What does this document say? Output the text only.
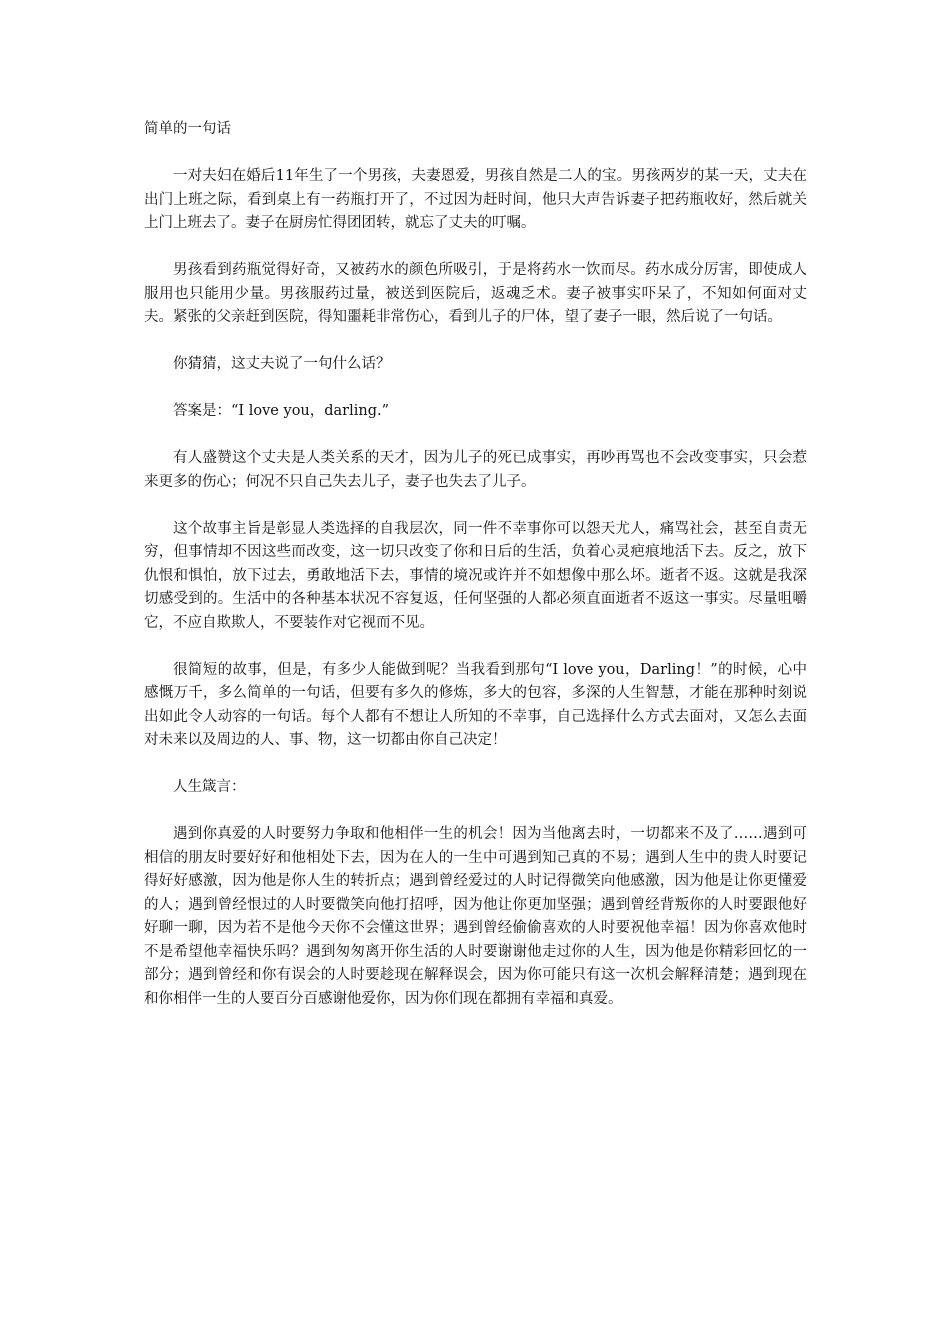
简单的一句话

一对夫妇在婚后11年生了一个男孩，夫妻恩爱，男孩自然是二人的宝。男孩两岁的某一天，丈夫在出门上班之际，看到桌上有一药瓶打开了，不过因为赶时间，他只大声告诉妻子把药瓶收好，然后就关上门上班去了。妻子在厨房忙得团团转，就忘了丈夫的叮嘱。

男孩看到药瓶觉得好奇，又被药水的颜色所吸引，于是将药水一饮而尽。药水成分厉害，即使成人服用也只能用少量。男孩服药过量，被送到医院后，返魂乏术。妻子被事实吓呆了，不知如何面对丈夫。紧张的父亲赶到医院，得知噩耗非常伤心，看到儿子的尸体，望了妻子一眼，然后说了一句话。

你猜猜，这丈夫说了一句什么话？

答案是：“I love you，darling.”

有人盛赞这个丈夫是人类关系的天才，因为儿子的死已成事实，再吵再骂也不会改变事实，只会惹来更多的伤心；何况不只自己失去儿子，妻子也失去了儿子。

这个故事主旨是彰显人类选择的自我层次，同一件不幸事你可以怨天尤人，痛骂社会，甚至自责无穷，但事情却不因这些而改变，这一切只改变了你和日后的生活，负着心灵疤痕地活下去。反之，放下仇恨和惧怕，放下过去，勇敢地活下去，事情的境况或许并不如想像中那么坏。逝者不返。这就是我深切感受到的。生活中的各种基本状况不容复返，任何坚强的人都必须直面逝者不返这一事实。尽量咀嚼它，不应自欺欺人，不要装作对它视而不见。

很简短的故事，但是，有多少人能做到呢？当我看到那句“I love you，Darling！”的时候，心中感慨万千，多么简单的一句话，但要有多久的修炼，多大的包容，多深的人生智慧，才能在那种时刻说出如此令人动容的一句话。每个人都有不想让人所知的不幸事，自己选择什么方式去面对，又怎么去面对未来以及周边的人、事、物，这一切都由你自己决定！

人生箴言：

遇到你真爱的人时要努力争取和他相伴一生的机会！因为当他离去时，一切都来不及了……遇到可相信的朋友时要好好和他相处下去，因为在人的一生中可遇到知己真的不易；遇到人生中的贵人时要记得好好感激，因为他是你人生的转折点；遇到曾经爱过的人时记得微笑向他感激，因为他是让你更懂爱的人；遇到曾经恨过的人时要微笑向他打招呼，因为他让你更加坚强；遇到曾经背叛你的人时要跟他好好聊一聊，因为若不是他今天你不会懂这世界；遇到曾经偷偷喜欢的人时要祝他幸福！因为你喜欢他时不是希望他幸福快乐吗？遇到匆匆离开你生活的人时要谢谢他走过你的人生，因为他是你精彩回忆的一部分；遇到曾经和你有误会的人时要趁现在解释误会，因为你可能只有这一次机会解释清楚；遇到现在和你相伴一生的人要百分百感谢他爱你，因为你们现在都拥有幸福和真爱。
